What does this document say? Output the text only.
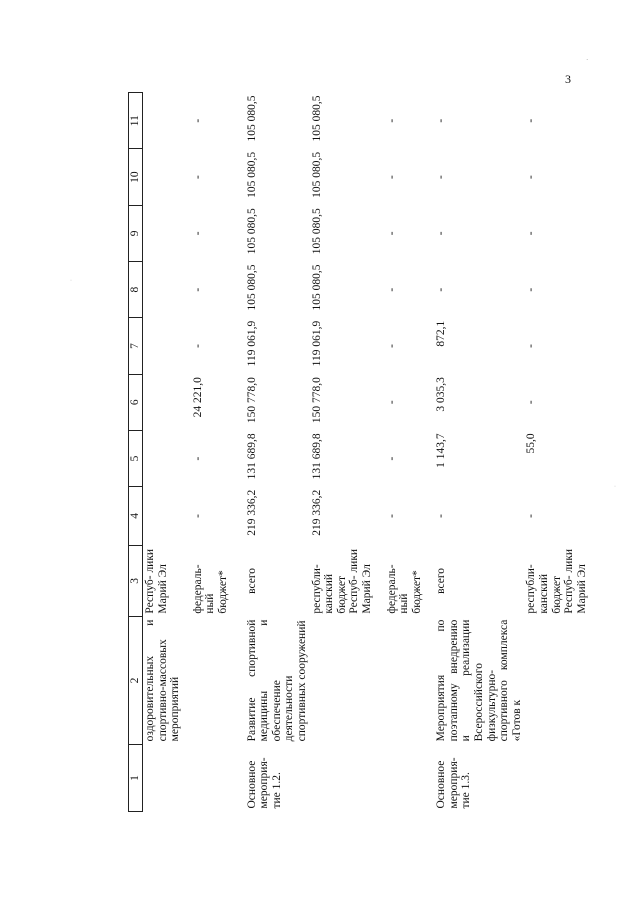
3
·
·
·
1	2	3	4	5	6	7	8	9	10	11
	оздоровительных и спортивно-массовых мероприятий	Респуб- лики Марий Эл								

		федераль- ный бюджет*	-	-	24 221,0	-	-	-	-	-

Основное мероприя- тие 1.2.	Развитие спортивной медицины и обеспечение деятельности спортивных сооружений	всего	219 336,2	131 689,8	150 778,0	119 061,9	105 080,5	105 080,5	105 080,5	105 080,5
		республи- канский бюджет Респуб- лики Марий Эл	219 336,2	131 689,8	150 778,0	119 061,9	105 080,5	105 080,5	105 080,5	105 080,5

		федераль- ный бюджет*	-	-	-	-	-	-	-	-

Основное мероприя- тие 1.3.	Мероприятия по поэтапному внедрению и реализации Всероссийского физкультурно- спортивного комплекса «Готов к	всего	-	1 143,7	3 035,3	872,1	-	-	-	-
		республи- канский бюджет Респуб- лики Марий Эл	-	55,0	-	-	-	-	-	-
